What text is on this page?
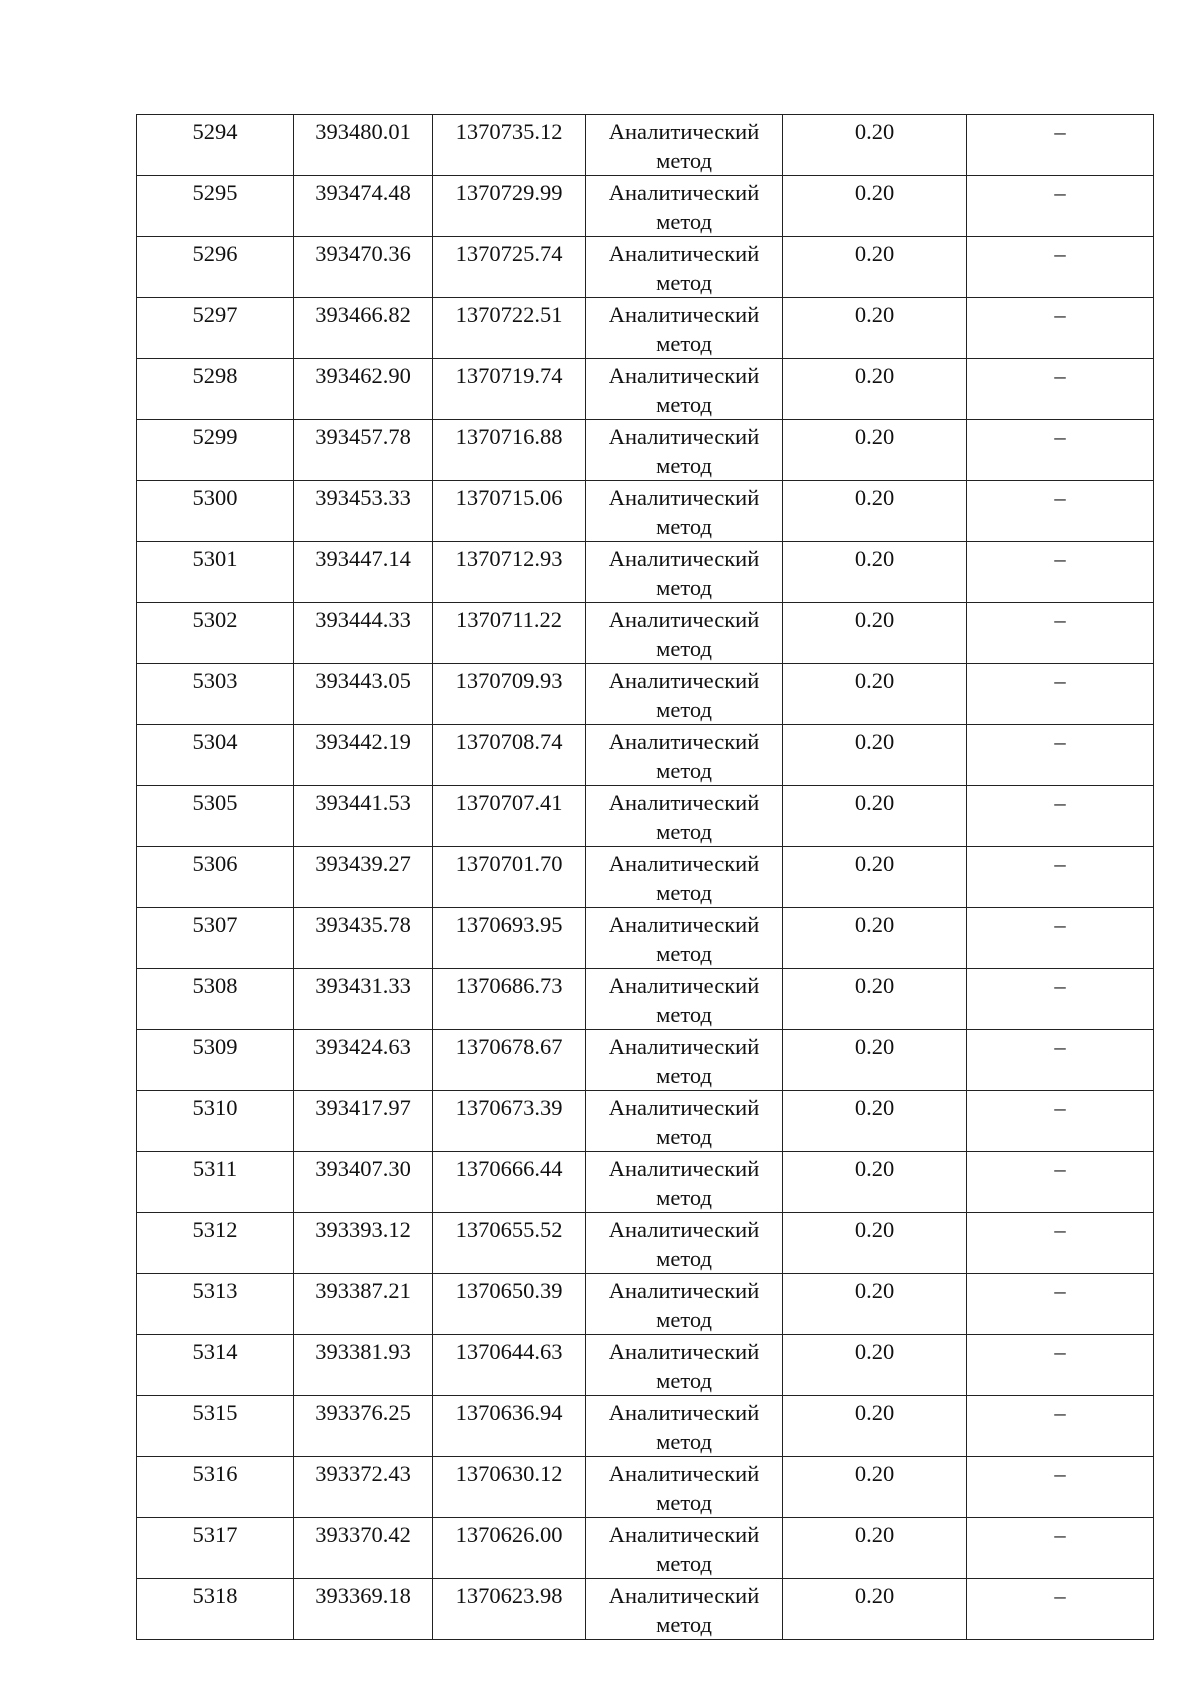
5294	393480.01	1370735.12	Аналитический метод	0.20	–
5295	393474.48	1370729.99	Аналитический метод	0.20	–
5296	393470.36	1370725.74	Аналитический метод	0.20	–
5297	393466.82	1370722.51	Аналитический метод	0.20	–
5298	393462.90	1370719.74	Аналитический метод	0.20	–
5299	393457.78	1370716.88	Аналитический метод	0.20	–
5300	393453.33	1370715.06	Аналитический метод	0.20	–
5301	393447.14	1370712.93	Аналитический метод	0.20	–
5302	393444.33	1370711.22	Аналитический метод	0.20	–
5303	393443.05	1370709.93	Аналитический метод	0.20	–
5304	393442.19	1370708.74	Аналитический метод	0.20	–
5305	393441.53	1370707.41	Аналитический метод	0.20	–
5306	393439.27	1370701.70	Аналитический метод	0.20	–
5307	393435.78	1370693.95	Аналитический метод	0.20	–
5308	393431.33	1370686.73	Аналитический метод	0.20	–
5309	393424.63	1370678.67	Аналитический метод	0.20	–
5310	393417.97	1370673.39	Аналитический метод	0.20	–
5311	393407.30	1370666.44	Аналитический метод	0.20	–
5312	393393.12	1370655.52	Аналитический метод	0.20	–
5313	393387.21	1370650.39	Аналитический метод	0.20	–
5314	393381.93	1370644.63	Аналитический метод	0.20	–
5315	393376.25	1370636.94	Аналитический метод	0.20	–
5316	393372.43	1370630.12	Аналитический метод	0.20	–
5317	393370.42	1370626.00	Аналитический метод	0.20	–
5318	393369.18	1370623.98	Аналитический метод	0.20	–
